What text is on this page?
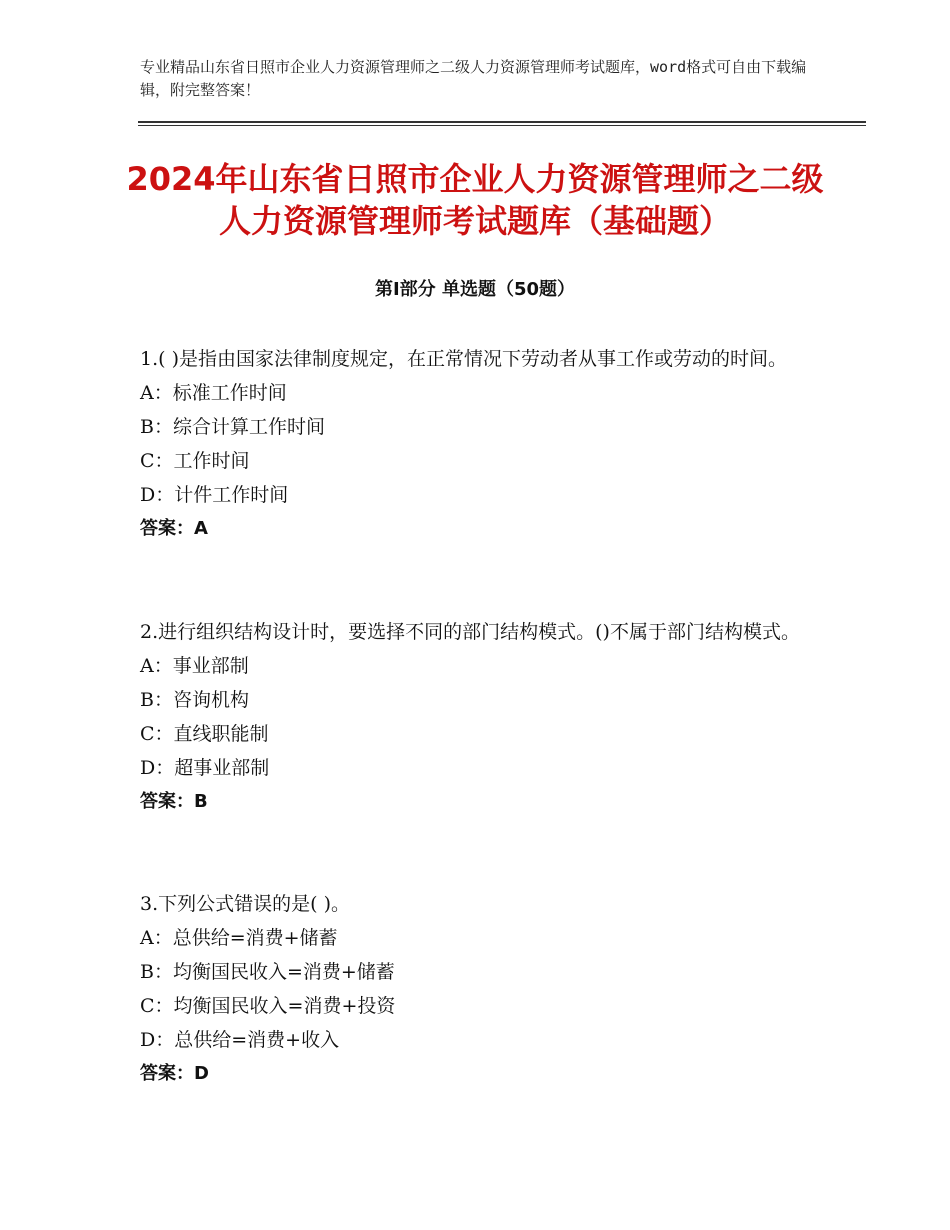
专业精品山东省日照市企业人力资源管理师之二级人力资源管理师考试题库，word格式可自由下载编辑，附完整答案！
2024年山东省日照市企业人力资源管理师之二级人力资源管理师考试题库（基础题）
第Ⅰ部分 单选题（50题）
1.( )是指由国家法律制度规定，在正常情况下劳动者从事工作或劳动的时间。
A：标准工作时间
B：综合计算工作时间
C：工作时间
D：计件工作时间
答案：A
2.进行组织结构设计时，要选择不同的部门结构模式。()不属于部门结构模式。
A：事业部制
B：咨询机构
C：直线职能制
D：超事业部制
答案：B
3.下列公式错误的是( )。
A：总供给=消费+储蓄
B：均衡国民收入=消费+储蓄
C：均衡国民收入=消费+投资
D：总供给=消费+收入
答案：D
